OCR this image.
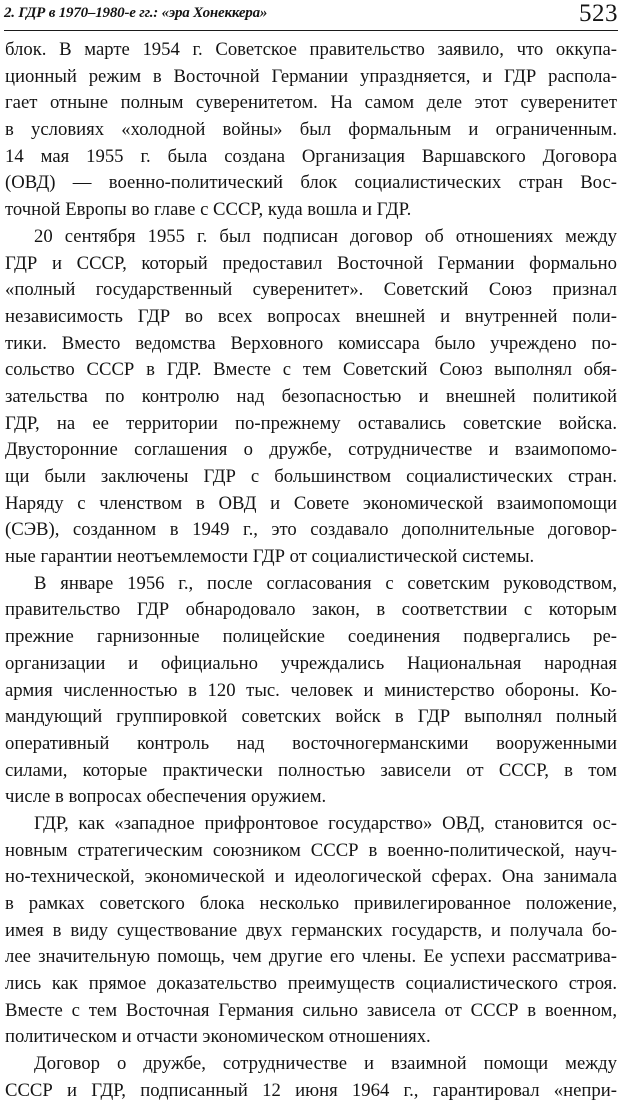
2. ГДР в 1970–1980-е гг.: «эра Хонеккера»	523
блок. В марте 1954 г. Советское правительство заявило, что оккупа-
ционный режим в Восточной Германии упраздняется, и ГДР распола-
гает отныне полным суверенитетом. На самом деле этот суверенитет
в условиях «холодной войны» был формальным и ограниченным.
14 мая 1955 г. была создана Организация Варшавского Договора
(ОВД) — военно-политический блок социалистических стран Вос-
точной Европы во главе с СССР, куда вошла и ГДР.
20 сентября 1955 г. был подписан договор об отношениях между
ГДР и СССР, который предоставил Восточной Германии формально
«полный государственный суверенитет». Советский Союз признал
независимость ГДР во всех вопросах внешней и внутренней поли-
тики. Вместо ведомства Верховного комиссара было учреждено по-
сольство СССР в ГДР. Вместе с тем Советский Союз выполнял обя-
зательства по контролю над безопасностью и внешней политикой
ГДР, на ее территории по-прежнему оставались советские войска.
Двусторонние соглашения о дружбе, сотрудничестве и взаимопомо-
щи были заключены ГДР с большинством социалистических стран.
Наряду с членством в ОВД и Совете экономической взаимопомощи
(СЭВ), созданном в 1949 г., это создавало дополнительные договор-
ные гарантии неотъемлемости ГДР от социалистической системы.
В январе 1956 г., после согласования с советским руководством,
правительство ГДР обнародовало закон, в соответствии с которым
прежние гарнизонные полицейские соединения подвергались ре-
организации и официально учреждались Национальная народная
армия численностью в 120 тыс. человек и министерство обороны. Ко-
мандующий группировкой советских войск в ГДР выполнял полный
оперативный контроль над восточногерманскими вооруженными
силами, которые практически полностью зависели от СССР, в том
числе в вопросах обеспечения оружием.
ГДР, как «западное прифронтовое государство» ОВД, становится ос-
новным стратегическим союзником СССР в военно-политической, науч-
но-технической, экономической и идеологической сферах. Она занимала
в рамках советского блока несколько привилегированное положение,
имея в виду существование двух германских государств, и получала бо-
лее значительную помощь, чем другие его члены. Ее успехи рассматрива-
лись как прямое доказательство преимуществ социалистического строя.
Вместе с тем Восточная Германия сильно зависела от СССР в военном,
политическом и отчасти экономическом отношениях.
Договор о дружбе, сотрудничестве и взаимной помощи между
СССР и ГДР, подписанный 12 июня 1964 г., гарантировал «непри-
